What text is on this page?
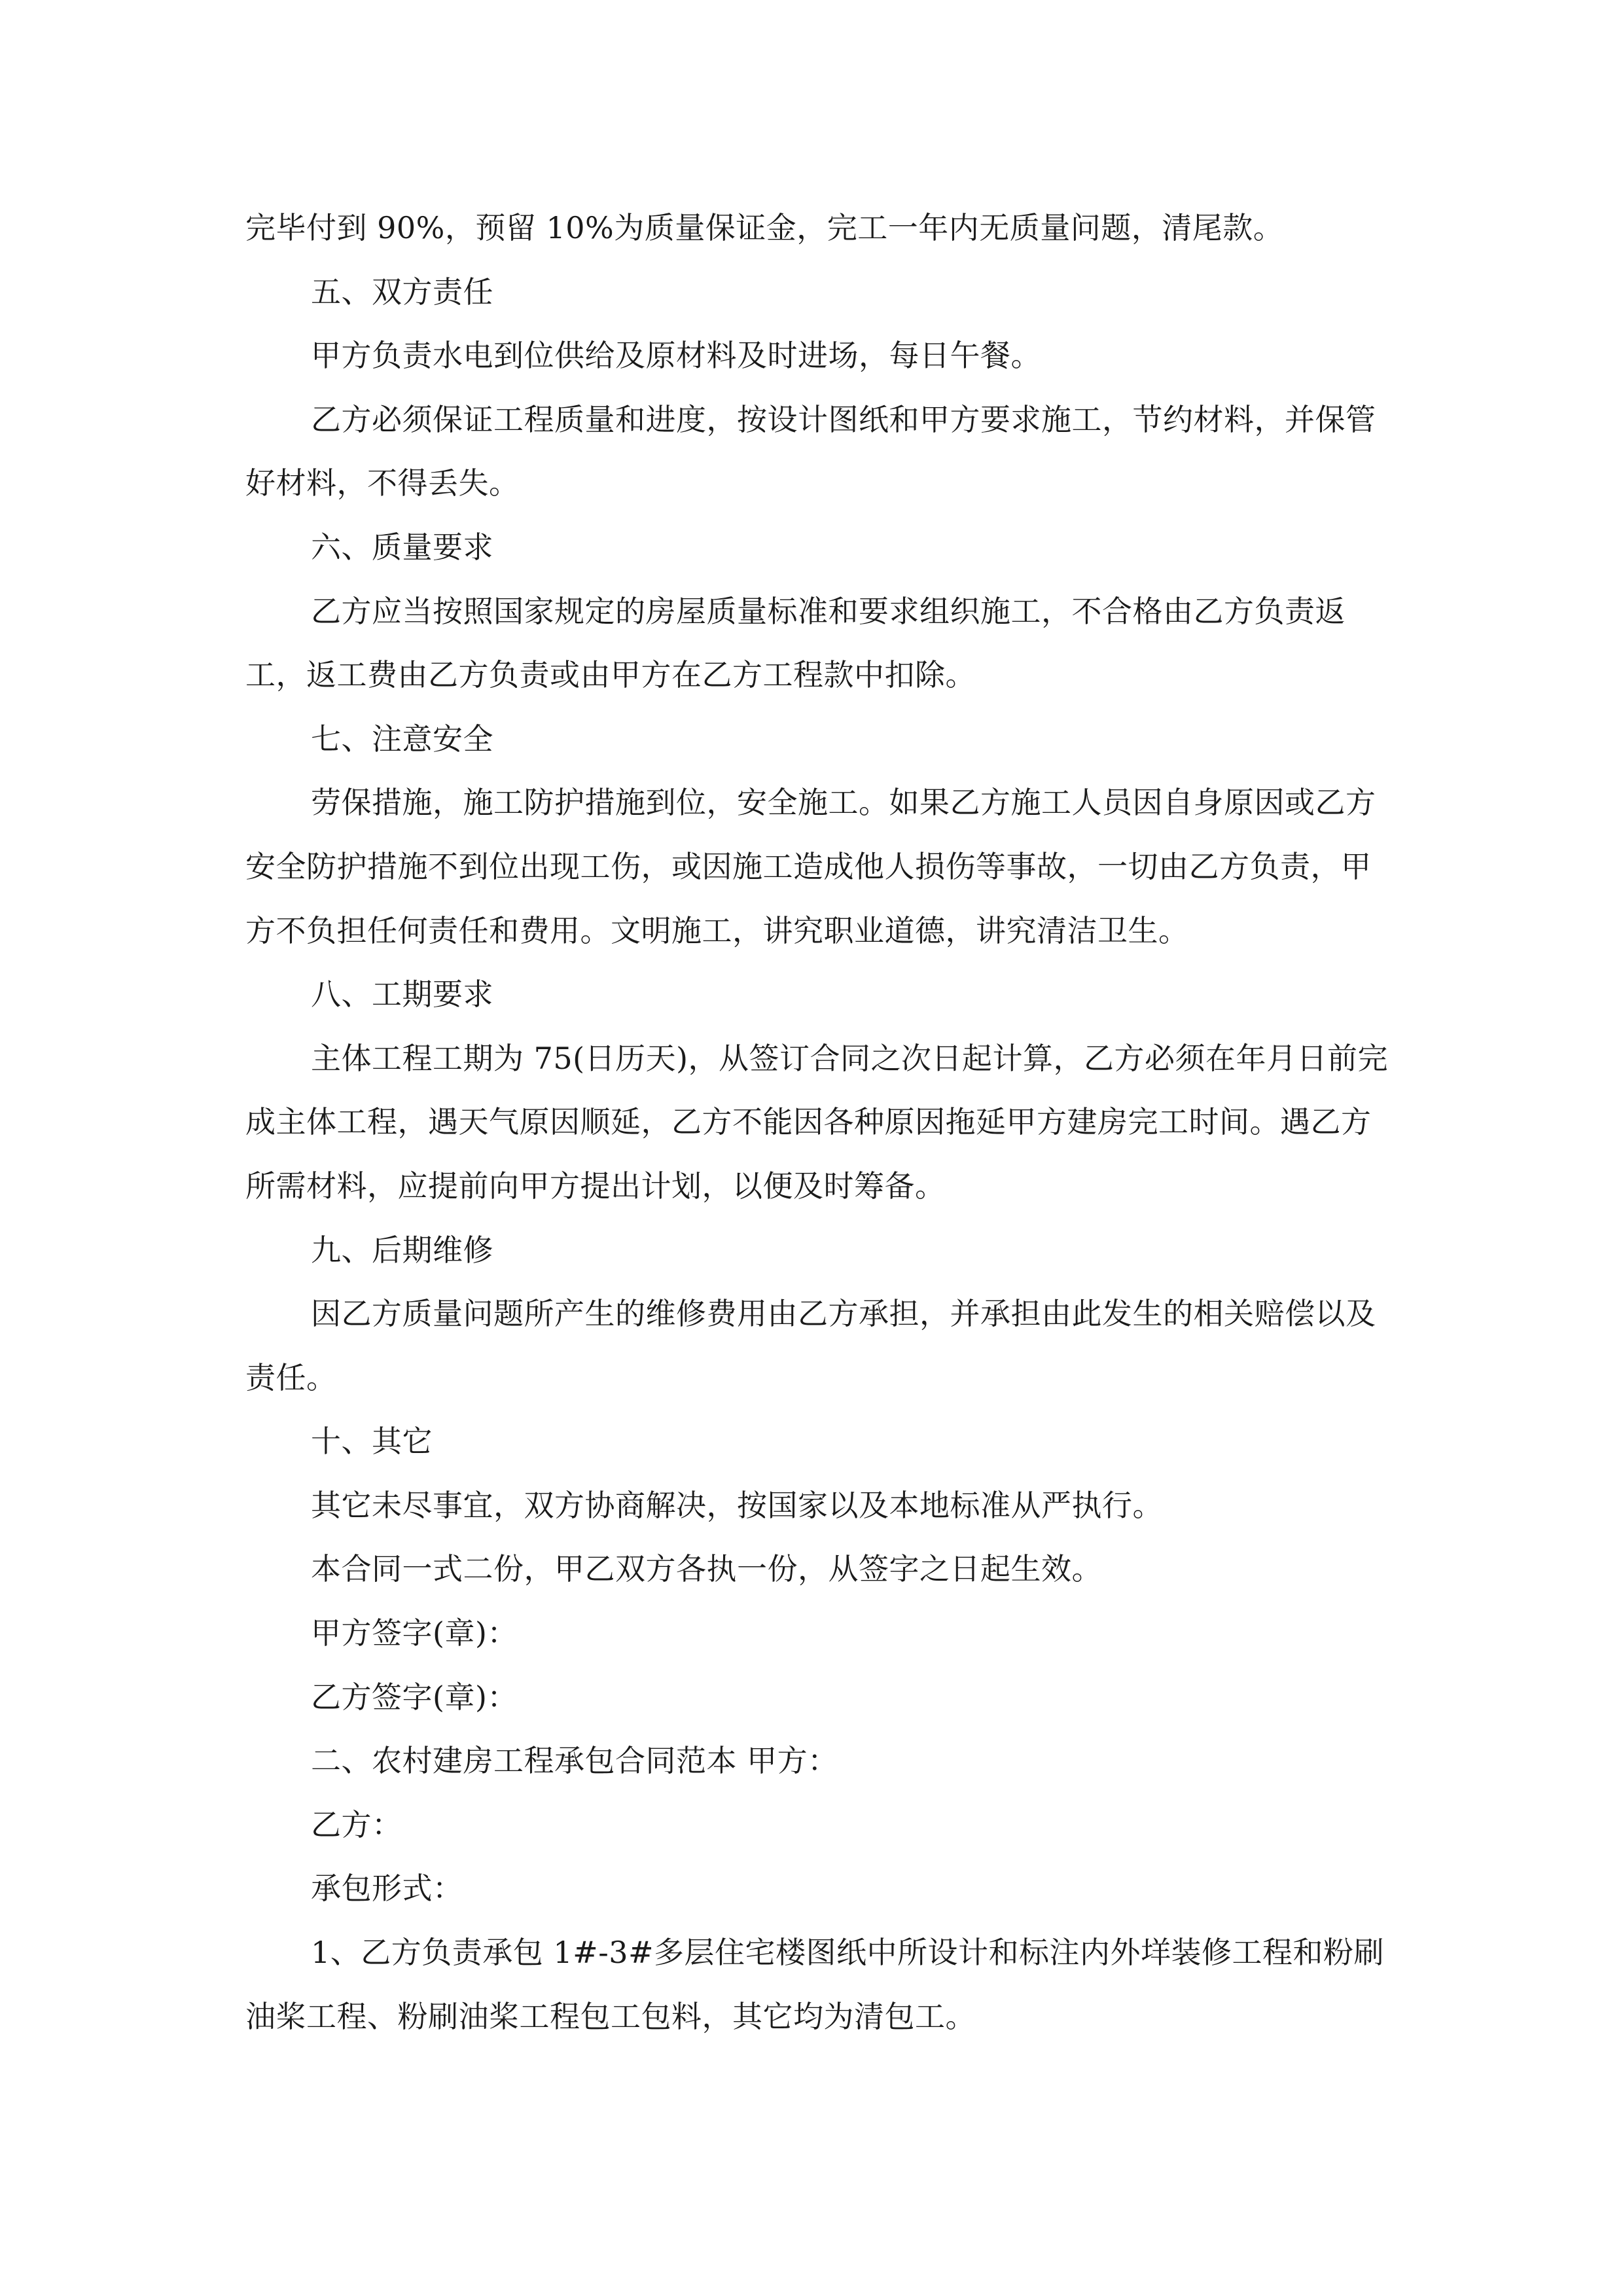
完毕付到 90%，预留 10%为质量保证金，完工一年内无质量问题，清尾款。

五、双方责任

甲方负责水电到位供给及原材料及时进场，每日午餐。

乙方必须保证工程质量和进度，按设计图纸和甲方要求施工，节约材料，并保管好材料，不得丢失。

六、质量要求

乙方应当按照国家规定的房屋质量标准和要求组织施工，不合格由乙方负责返工，返工费由乙方负责或由甲方在乙方工程款中扣除。

七、注意安全

劳保措施，施工防护措施到位，安全施工。如果乙方施工人员因自身原因或乙方安全防护措施不到位出现工伤，或因施工造成他人损伤等事故，一切由乙方负责，甲方不负担任何责任和费用。文明施工，讲究职业道德，讲究清洁卫生。

八、工期要求

主体工程工期为 75(日历天)，从签订合同之次日起计算，乙方必须在年月日前完成主体工程，遇天气原因顺延，乙方不能因各种原因拖延甲方建房完工时间。遇乙方所需材料，应提前向甲方提出计划，以便及时筹备。

九、后期维修

因乙方质量问题所产生的维修费用由乙方承担，并承担由此发生的相关赔偿以及责任。

十、其它

其它未尽事宜，双方协商解决，按国家以及本地标准从严执行。

本合同一式二份，甲乙双方各执一份，从签字之日起生效。

甲方签字(章)：

乙方签字(章)：

二、农村建房工程承包合同范本 甲方：

乙方：

承包形式：

1、乙方负责承包 1#-3#多层住宅楼图纸中所设计和标注内外垟装修工程和粉刷油桨工程、粉刷油桨工程包工包料，其它均为清包工。
